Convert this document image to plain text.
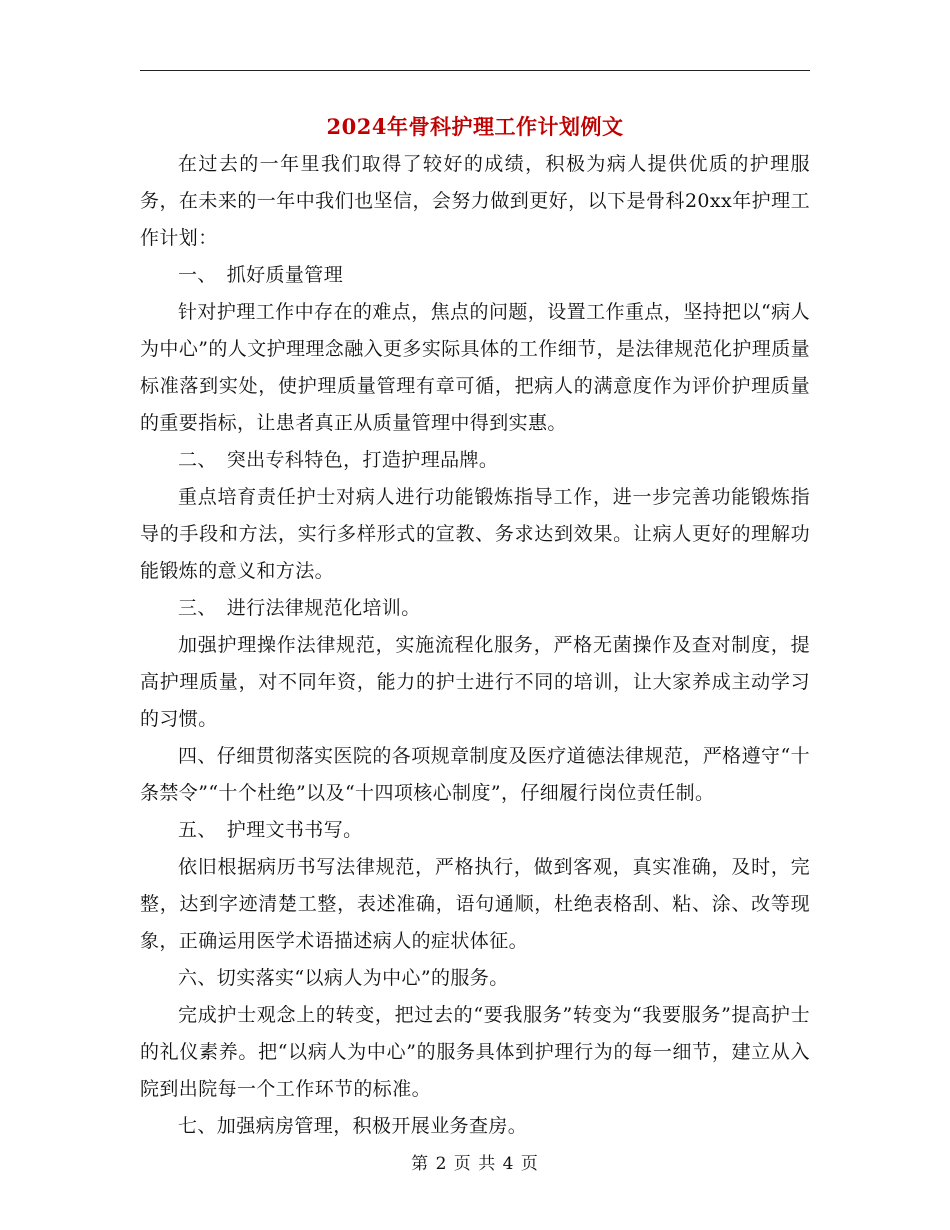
2024年骨科护理工作计划例文

在过去的一年里我们取得了较好的成绩，积极为病人提供优质的护理服务，在未来的一年中我们也坚信，会努力做到更好，以下是骨科20xx年护理工作计划：

一、　抓好质量管理

针对护理工作中存在的难点，焦点的问题，设置工作重点，坚持把以“病人为中心”的人文护理理念融入更多实际具体的工作细节，是法律规范化护理质量标准落到实处，使护理质量管理有章可循，把病人的满意度作为评价护理质量的重要指标，让患者真正从质量管理中得到实惠。

二、　突出专科特色，打造护理品牌。

重点培育责任护士对病人进行功能锻炼指导工作，进一步完善功能锻炼指导的手段和方法，实行多样形式的宣教、务求达到效果。让病人更好的理解功能锻炼的意义和方法。

三、　进行法律规范化培训。

加强护理操作法律规范，实施流程化服务，严格无菌操作及查对制度，提高护理质量，对不同年资，能力的护士进行不同的培训，让大家养成主动学习的习惯。

四、仔细贯彻落实医院的各项规章制度及医疗道德法律规范，严格遵守“十条禁令”“十个杜绝”以及“十四项核心制度”，仔细履行岗位责任制。

五、　护理文书书写。

依旧根据病历书写法律规范，严格执行，做到客观，真实准确，及时，完整，达到字迹清楚工整，表述准确，语句通顺，杜绝表格刮、粘、涂、改等现象，正确运用医学术语描述病人的症状体征。

六、切实落实“以病人为中心”的服务。

完成护士观念上的转变，把过去的“要我服务”转变为“我要服务”提高护士的礼仪素养。把“以病人为中心”的服务具体到护理行为的每一细节，建立从入院到出院每一个工作环节的标准。

七、加强病房管理，积极开展业务查房。

第 2 页 共 4 页
